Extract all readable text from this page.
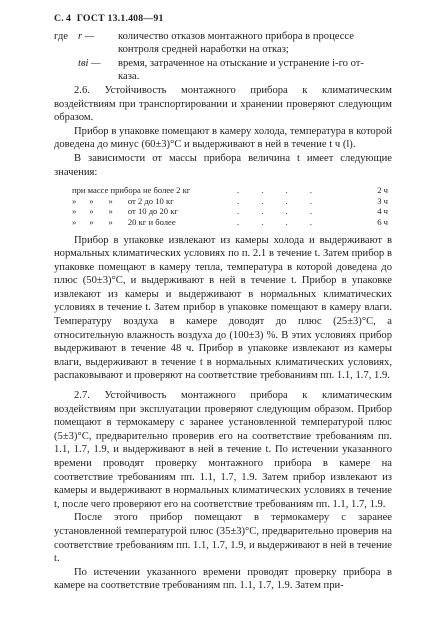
С. 4 ГОСТ 13.1.408—91
где r —	количество отказов монтажного прибора в процессе
контроля средней наработки на отказ;
tвi —	время, затраченное на отыскание и устранение i-го от-
каза.

2.6. Устойчивость монтажного прибора к климатическим воздействиям при транспортировании и хранении проверяют следующим образом.

Прибор в упаковке помещают в камеру холода, температура в которой доведена до минус (60±3)°С и выдерживают в ней в течение t ч (l).

В зависимости от массы прибора величина t имеет следующие значения:

при массе прибора не более 2 кг	. . . .	2 ч
»      »       »       от 2 до 10 кг	. . . .	3 ч
»      »       »       от 10 до 20 кг	. . . .	4 ч
»      »       »       20 кг и более	. . . .	6 ч

Прибор в упаковке извлекают из камеры холода и выдерживают в нормальных климатических условиях по п. 2.1 в течение t. Затем прибор в упаковке помещают в камеру тепла, температура в которой доведена до плюс (50±3)°С, и выдерживают в ней в течение t. Прибор в упаковке извлекают из камеры и выдерживают в нормальных климатических условиях в течение t. Затем прибор в упаковке помещают в камеру влаги. Температуру воздуха в камере доводят до плюс (25±3)°С, а относительную влажность воздуха до (100±3) %. В этих условиях прибор выдерживают в течение 48 ч. Прибор в упаковке извлекают из камеры влаги, выдерживают в течение t в нормальных климатических условиях, распаковывают и проверяют на соответствие требованиям пп. 1.1, 1.7, 1.9.

2.7. Устойчивость монтажного прибора к климатическим воздействиям при эксплуатации проверяют следующим образом. Прибор помещают в термокамеру с заранее установленной температурой плюс (5±3)°С, предварительно проверив его на соответствие требованиям пп. 1.1, 1.7, 1.9, и выдерживают в ней в течение t. По истечении указанного времени проводят проверку монтажного прибора в камере на соответствие требованиям пп. 1.1, 1.7, 1.9. Затем прибор извлекают из камеры и выдерживают в нормальных климатических условиях в течение t, после чего проверяют его на соответствие требованиям пп. 1.1, 1.7, 1.9.

После этого прибор помещают в термокамеру с заранее установленной температурой плюс (35±3)°С, предварительно проверив на соответствие требованиям пп. 1.1, 1.7, 1.9, и выдерживают в ней в течение t.

По истечении указанного времени проводят проверку прибора в камере на соответствие требованиям пп. 1.1, 1.7, 1.9. Затем при-
